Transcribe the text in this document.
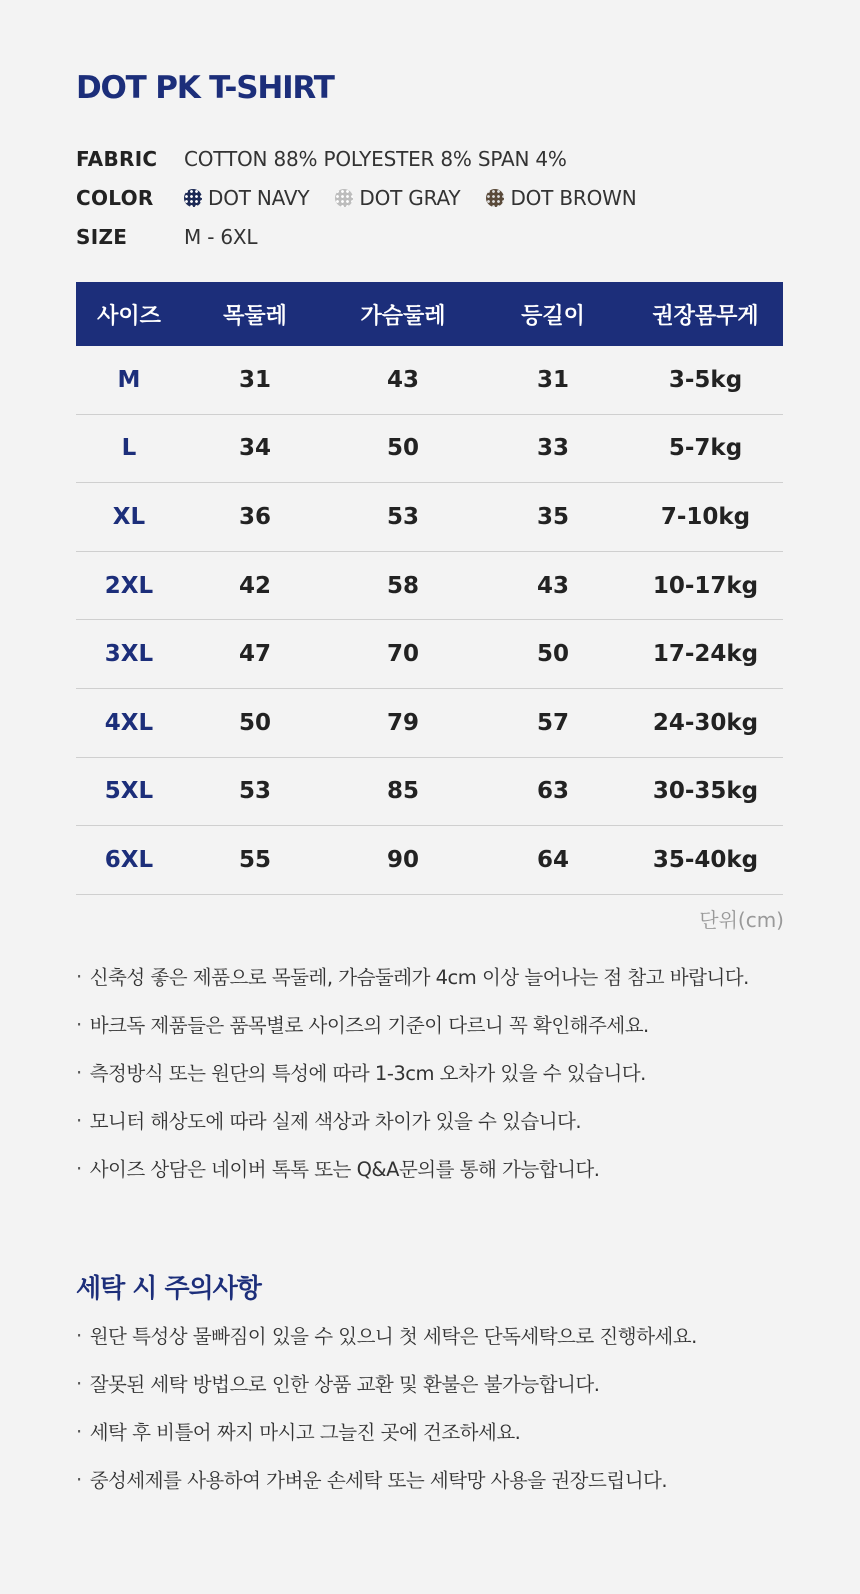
DOT PK T-SHIRT
FABRIC	COTTON 88% POLYESTER 8% SPAN 4%
COLOR	DOT NAVY	DOT GRAY	DOT BROWN
SIZE	M - 6XL
사이즈	목둘레	가슴둘레	등길이	권장몸무게
M	31	43	31	3-5kg
L	34	50	33	5-7kg
XL	36	53	35	7-10kg
2XL	42	58	43	10-17kg
3XL	47	70	50	17-24kg
4XL	50	79	57	24-30kg
5XL	53	85	63	30-35kg
6XL	55	90	64	35-40kg
단위(cm)
· 신축성 좋은 제품으로 목둘레, 가슴둘레가 4cm 이상 늘어나는 점 참고 바랍니다.
· 바크독 제품들은 품목별로 사이즈의 기준이 다르니 꼭 확인해주세요.
· 측정방식 또는 원단의 특성에 따라 1-3cm 오차가 있을 수 있습니다.
· 모니터 해상도에 따라 실제 색상과 차이가 있을 수 있습니다.
· 사이즈 상담은 네이버 톡톡 또는 Q&A문의를 통해 가능합니다.
세탁 시 주의사항
· 원단 특성상 물빠짐이 있을 수 있으니 첫 세탁은 단독세탁으로 진행하세요.
· 잘못된 세탁 방법으로 인한 상품 교환 및 환불은 불가능합니다.
· 세탁 후 비틀어 짜지 마시고 그늘진 곳에 건조하세요.
· 중성세제를 사용하여 가벼운 손세탁 또는 세탁망 사용을 권장드립니다.
